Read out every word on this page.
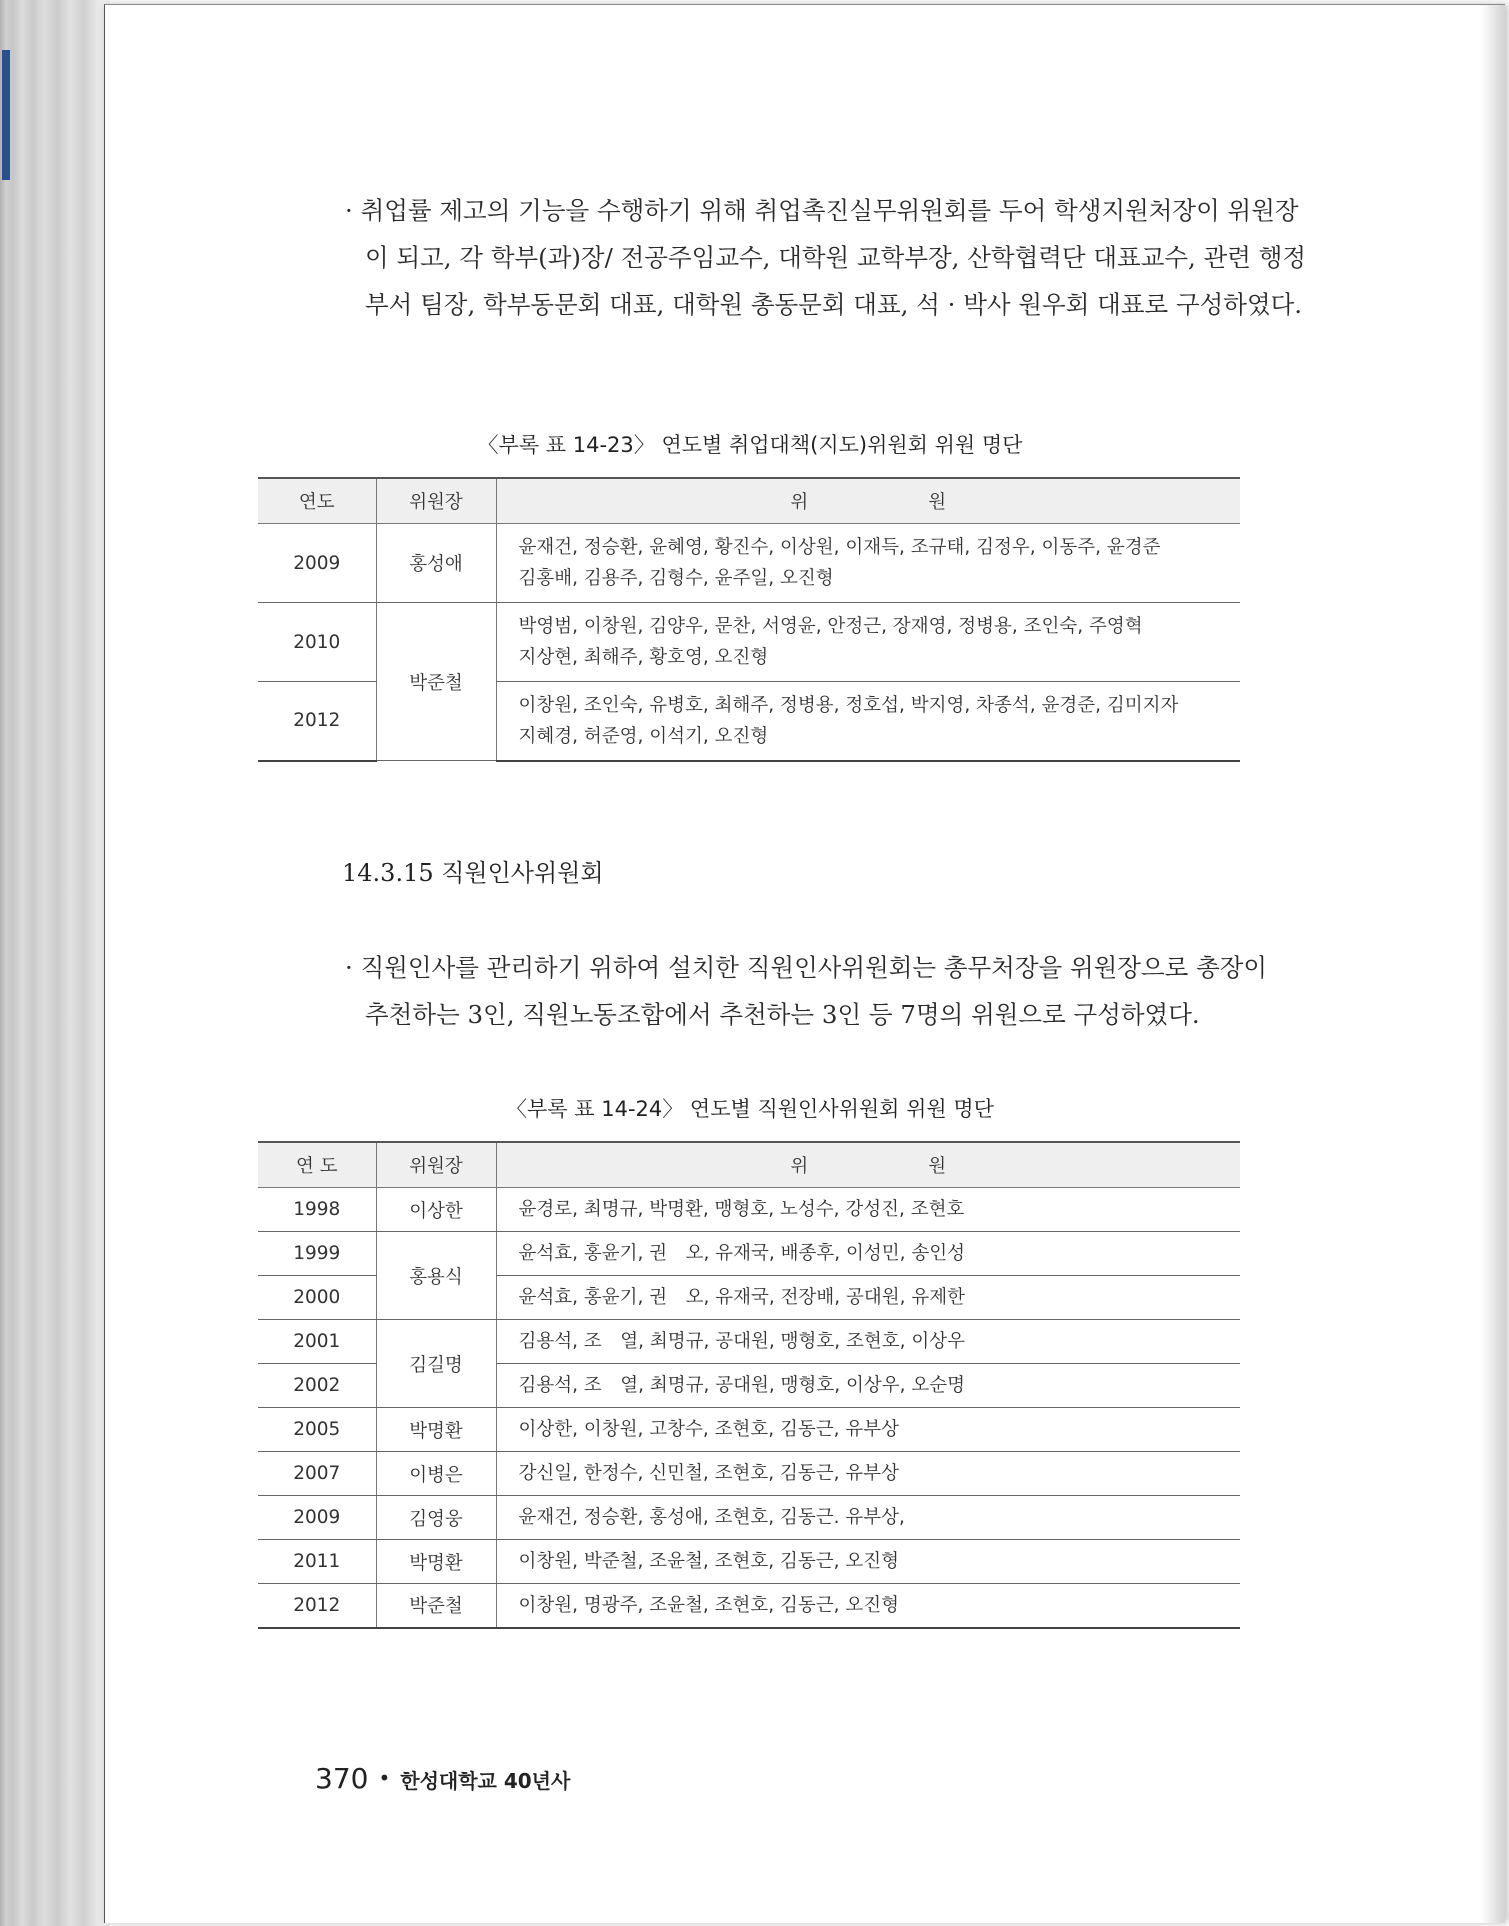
· 취업률 제고의 기능을 수행하기 위해 취업촉진실무위원회를 두어 학생지원처장이 위원장
이 되고, 각 학부(과)장/ 전공주임교수, 대학원 교학부장, 산학협력단 대표교수, 관련 행정
부서 팀장, 학부동문회 대표, 대학원 총동문회 대표, 석 · 박사 원우회 대표로 구성하였다.
〈부록 표 14-23〉 연도별 취업대책(지도)위원회 위원 명단
연도	위원장	위원
2009	홍성애	윤재건, 정승환, 윤혜영, 황진수, 이상원, 이재득, 조규태, 김정우, 이동주, 윤경준
김홍배, 김용주, 김형수, 윤주일, 오진형

2010	박준철	박영범, 이창원, 김양우, 문찬, 서영윤, 안정근, 장재영, 정병용, 조인숙, 주영혁
지상현, 최해주, 황호영, 오진형

2012		이창원, 조인숙, 유병호, 최해주, 정병용, 정호섭, 박지영, 차종석, 윤경준, 김미지자
지혜경, 허준영, 이석기, 오진형
14.3.15 직원인사위원회
· 직원인사를 관리하기 위하여 설치한 직원인사위원회는 총무처장을 위원장으로 총장이
추천하는 3인, 직원노동조합에서 추천하는 3인 등 7명의 위원으로 구성하였다.
〈부록 표 14-24〉 연도별 직원인사위원회 위원 명단
연 도	위원장	위원
1998	이상한	윤경로, 최명규, 박명환, 맹형호, 노성수, 강성진, 조현호
1999	홍용식	윤석효, 홍윤기, 권　오, 유재국, 배종후, 이성민, 송인성
2000		윤석효, 홍윤기, 권　오, 유재국, 전장배, 공대원, 유제한
2001	김길명	김용석, 조　열, 최명규, 공대원, 맹형호, 조현호, 이상우
2002		김용석, 조　열, 최명규, 공대원, 맹형호, 이상우, 오순명
2005	박명환	이상한, 이창원, 고창수, 조현호, 김동근, 유부상
2007	이병은	강신일, 한정수, 신민철, 조현호, 김동근, 유부상
2009	김영웅	윤재건, 정승환, 홍성애, 조현호, 김동근. 유부상,
2011	박명환	이창원, 박준철, 조윤철, 조현호, 김동근, 오진형
2012	박준철	이창원, 명광주, 조윤철, 조현호, 김동근, 오진형
370 • 한성대학교 40년사
